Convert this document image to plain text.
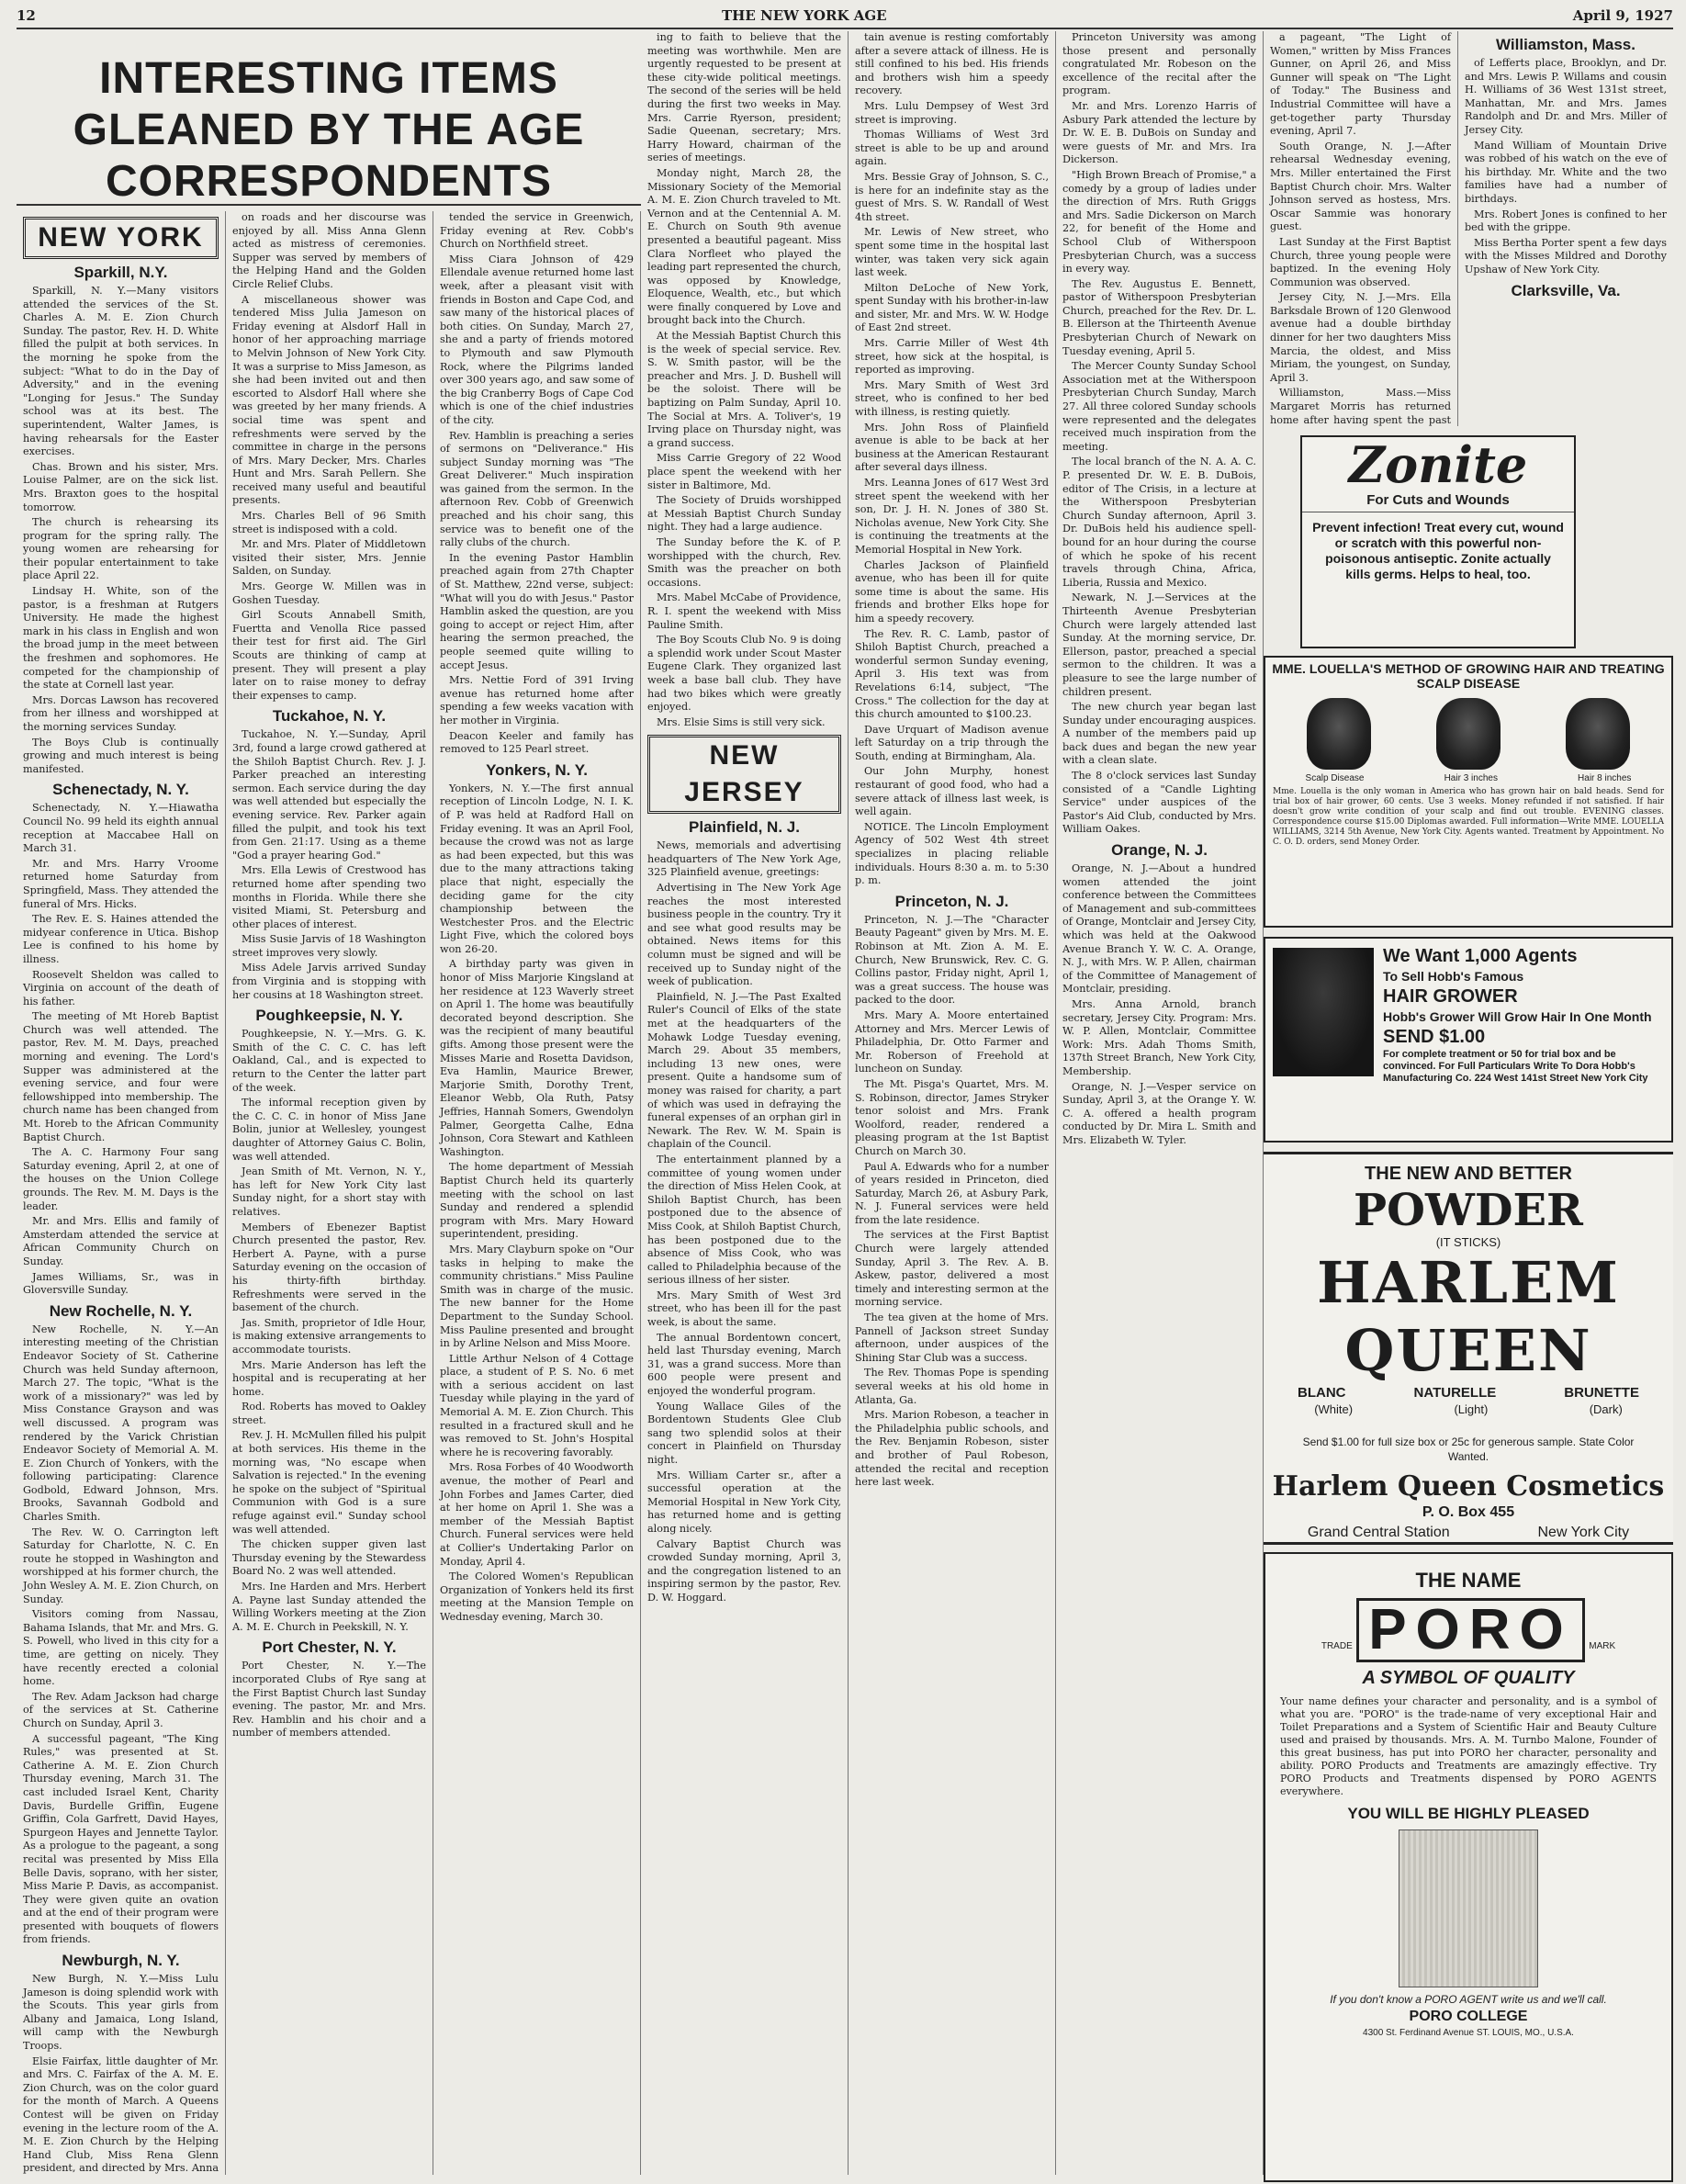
12	THE NEW YORK AGE	April 9, 1927
INTERESTING ITEMS GLEANED BY THE AGE CORRESPONDENTS
NEW YORK
Sparkill, N.Y.

Sparkill, N. Y.—Many visitors attended the services of the St. Charles A. M. E. Zion Church Sunday. The pastor, Rev. H. D. White filled the pulpit at both services. In the morning he spoke from the subject: "What to do in the Day of Adversity," and in the evening "Longing for Jesus." The Sunday school was at its best. The superintendent, Walter James, is having rehearsals for the Easter exercises.

Chas. Brown and his sister, Mrs. Louise Palmer, are on the sick list. Mrs. Braxton goes to the hospital tomorrow.

The church is rehearsing its program for the spring rally. The young women are rehearsing for their popular entertainment to take place April 22.

Lindsay H. White, son of the pastor, is a freshman at Rutgers University. He made the highest mark in his class in English and won the broad jump in the meet between the freshmen and sophomores. He competed for the championship of the state at Cornell last year.

Mrs. Dorcas Lawson has recovered from her illness and worshipped at the morning services Sunday.

The Boys Club is continually growing and much interest is being manifested.

Schenectady, N. Y.

Schenectady, N. Y.—Hiawatha Council No. 99 held its eighth annual reception at Maccabee Hall on March 31.

Mr. and Mrs. Harry Vroome returned home Saturday from Springfield, Mass. They attended the funeral of Mrs. Hicks.

The Rev. E. S. Haines attended the midyear conference in Utica. Bishop Lee is confined to his home by illness.

Roosevelt Sheldon was called to Virginia on account of the death of his father.

The meeting of Mt Horeb Baptist Church was well attended. The pastor, Rev. M. M. Days, preached morning and evening. The Lord's Supper was administered at the evening service, and four were fellowshipped into membership. The church name has been changed from Mt. Horeb to the African Community Baptist Church.

The A. C. Harmony Four sang Saturday evening, April 2, at one of the houses on the Union College grounds. The Rev. M. M. Days is the leader.

Mr. and Mrs. Ellis and family of Amsterdam attended the service at African Community Church on Sunday.

James Williams, Sr., was in Gloversville Sunday.

New Rochelle, N. Y.

New Rochelle, N. Y.—An interesting meeting of the Christian Endeavor Society of St. Catherine Church was held Sunday afternoon, March 27. The topic, "What is the work of a missionary?" was led by Miss Constance Grayson and was well discussed. A program was rendered by the Varick Christian Endeavor Society of Memorial A. M. E. Zion Church of Yonkers, with the following participating: Clarence Godbold, Edward Johnson, Mrs. Brooks, Savannah Godbold and Charles Smith.

The Rev. W. O. Carrington left Saturday for Charlotte, N. C. En route he stopped in Washington and worshipped at his former church, the John Wesley A. M. E. Zion Church, on Sunday.

Visitors coming from Nassau, Bahama Islands, that Mr. and Mrs. G. S. Powell, who lived in this city for a time, are getting on nicely. They have recently erected a colonial home.

The Rev. Adam Jackson had charge of the services at St. Catherine Church on Sunday, April 3.

A successful pageant, "The King Rules," was presented at St. Catherine A. M. E. Zion Church Thursday evening, March 31. The cast included Israel Kent, Charity Davis, Burdelle Griffin, Eugene Griffin, Cola Garfrett, David Hayes, Spurgeon Hayes and Jennette Taylor. As a prologue to the pageant, a song recital was presented by Miss Ella Belle Davis, soprano, with her sister, Miss Marie P. Davis, as accompanist. They were given quite an ovation and at the end of their program were presented with bouquets of flowers from friends.

Newburgh, N. Y.

New Burgh, N. Y.—Miss Lulu Jameson is doing splendid work with the Scouts. This year girls from Albany and Jamaica, Long Island, will camp with the Newburgh Troops.

Elsie Fairfax, little daughter of Mr. and Mrs. C. Fairfax of the A. M. E. Zion Church, was on the color guard for the month of March. A Queens Contest will be given on Friday evening in the lecture room of the A. M. E. Zion Church by the Helping Hand Club, Miss Rena Glenn president, and directed by Mrs. Anna

on roads and her discourse was enjoyed by all. Miss Anna Glenn acted as mistress of ceremonies. Supper was served by members of the Helping Hand and the Golden Circle Relief Clubs.

A miscellaneous shower was tendered Miss Julia Jameson on Friday evening at Alsdorf Hall in honor of her approaching marriage to Melvin Johnson of New York City. It was a surprise to Miss Jameson, as she had been invited out and then escorted to Alsdorf Hall where she was greeted by her many friends. A social time was spent and refreshments were served by the committee in charge in the persons of Mrs. Mary Decker, Mrs. Charles Hunt and Mrs. Sarah Pellern. She received many useful and beautiful presents.

Mrs. Charles Bell of 96 Smith street is indisposed with a cold.

Mr. and Mrs. Plater of Middletown visited their sister, Mrs. Jennie Salden, on Sunday.

Mrs. George W. Millen was in Goshen Tuesday.

Girl Scouts Annabell Smith, Fuertta and Venolla Rice passed their test for first aid. The Girl Scouts are thinking of camp at present. They will present a play later on to raise money to defray their expenses to camp.

Tuckahoe, N. Y.

Tuckahoe, N. Y.—Sunday, April 3rd, found a large crowd gathered at the Shiloh Baptist Church. Rev. J. J. Parker preached an interesting sermon. Each service during the day was well attended but especially the evening service. Rev. Parker again filled the pulpit, and took his text from Gen. 21:17. Using as a theme "God a prayer hearing God."

Mrs. Ella Lewis of Crestwood has returned home after spending two months in Florida. While there she visited Miami, St. Petersburg and other places of interest.

Miss Susie Jarvis of 18 Washington street improves very slowly.

Miss Adele Jarvis arrived Sunday from Virginia and is stopping with her cousins at 18 Washington street.

Poughkeepsie, N. Y.

Poughkeepsie, N. Y.—Mrs. G. K. Smith of the C. C. C. has left Oakland, Cal., and is expected to return to the Center the latter part of the week.

The informal reception given by the C. C. C. in honor of Miss Jane Bolin, junior at Wellesley, youngest daughter of Attorney Gaius C. Bolin, was well attended.

Jean Smith of Mt. Vernon, N. Y., has left for New York City last Sunday night, for a short stay with relatives.

Members of Ebenezer Baptist Church presented the pastor, Rev. Herbert A. Payne, with a purse Saturday evening on the occasion of his thirty-fifth birthday. Refreshments were served in the basement of the church.

Jas. Smith, proprietor of Idle Hour, is making extensive arrangements to accommodate tourists.

Mrs. Marie Anderson has left the hospital and is recuperating at her home.

Rod. Roberts has moved to Oakley street.

Rev. J. H. McMullen filled his pulpit at both services. His theme in the morning was, "No escape when Salvation is rejected." In the evening he spoke on the subject of "Spiritual Communion with God is a sure refuge against evil." Sunday school was well attended.

The chicken supper given last Thursday evening by the Stewardess Board No. 2 was well attended.

Mrs. Ine Harden and Mrs. Herbert A. Payne last Sunday attended the Willing Workers meeting at the Zion A. M. E. Church in Peekskill, N. Y.

Port Chester, N. Y.

Port Chester, N. Y.—The incorporated Clubs of Rye sang at the First Baptist Church last Sunday evening. The pastor, Mr. and Mrs. Rev. Hamblin and his choir and a number of members attended.

tended the service in Greenwich, Friday evening at Rev. Cobb's Church on Northfield street.

Miss Ciara Johnson of 429 Ellendale avenue returned home last week, after a pleasant visit with friends in Boston and Cape Cod, and saw many of the historical places of both cities. On Sunday, March 27, she and a party of friends motored to Plymouth and saw Plymouth Rock, where the Pilgrims landed over 300 years ago, and saw some of the big Cranberry Bogs of Cape Cod which is one of the chief industries of the city.

Rev. Hamblin is preaching a series of sermons on "Deliverance." His subject Sunday morning was "The Great Deliverer." Much inspiration was gained from the sermon. In the afternoon Rev. Cobb of Greenwich preached and his choir sang, this service was to benefit one of the rally clubs of the church.

In the evening Pastor Hamblin preached again from 27th Chapter of St. Matthew, 22nd verse, subject: "What will you do with Jesus." Pastor Hamblin asked the question, are you going to accept or reject Him, after hearing the sermon preached, the people seemed quite willing to accept Jesus.

Mrs. Nettie Ford of 391 Irving avenue has returned home after spending a few weeks vacation with her mother in Virginia.

Deacon Keeler and family has removed to 125 Pearl street.

Yonkers, N. Y.

Yonkers, N. Y.—The first annual reception of Lincoln Lodge, N. I. K. of P. was held at Radford Hall on Friday evening. It was an April Fool, because the crowd was not as large as had been expected, but this was due to the many attractions taking place that night, especially the deciding game for the city championship between the Westchester Pros. and the Electric Light Five, which the colored boys won 26-20.

A birthday party was given in honor of Miss Marjorie Kingsland at her residence at 123 Waverly street on April 1. The home was beautifully decorated beyond description. She was the recipient of many beautiful gifts. Among those present were the Misses Marie and Rosetta Davidson, Eva Hamlin, Maurice Brewer, Marjorie Smith, Dorothy Trent, Eleanor Webb, Ola Ruth, Patsy Jeffries, Hannah Somers, Gwendolyn Palmer, Georgetta Calhe, Edna Johnson, Cora Stewart and Kathleen Washington.

The home department of Messiah Baptist Church held its quarterly meeting with the school on last Sunday and rendered a splendid program with Mrs. Mary Howard superintendent, presiding.

Mrs. Mary Clayburn spoke on "Our tasks in helping to make the community christians." Miss Pauline Smith was in charge of the music. The new banner for the Home Department to the Sunday School. Miss Pauline presented and brought in by Arline Nelson and Miss Moore.

Little Arthur Nelson of 4 Cottage place, a student of P. S. No. 6 met with a serious accident on last Tuesday while playing in the yard of Memorial A. M. E. Zion Church. This resulted in a fractured skull and he was removed to St. John's Hospital where he is recovering favorably.

Mrs. Rosa Forbes of 40 Woodworth avenue, the mother of Pearl and John Forbes and James Carter, died at her home on April 1. She was a member of the Messiah Baptist Church. Funeral services were held at Collier's Undertaking Parlor on Monday, April 4.

The Colored Women's Republican Organization of Yonkers held its first meeting at the Mansion Temple on Wednesday evening, March 30.

ing to faith to believe that the meeting was worthwhile. Men are urgently requested to be present at these city-wide political meetings. The second of the series will be held during the first two weeks in May. Mrs. Carrie Ryerson, president; Sadie Queenan, secretary; Mrs. Harry Howard, chairman of the series of meetings.

Monday night, March 28, the Missionary Society of the Memorial A. M. E. Zion Church traveled to Mt. Vernon and at the Centennial A. M. E. Church on South 9th avenue presented a beautiful pageant. Miss Clara Norfleet who played the leading part represented the church, was opposed by Knowledge, Eloquence, Wealth, etc., but which were finally conquered by Love and brought back into the Church.

At the Messiah Baptist Church this is the week of special service. Rev. S. W. Smith pastor, will be the preacher and Mrs. J. D. Bushell will be the soloist. There will be baptizing on Palm Sunday, April 10. The Social at Mrs. A. Toliver's, 19 Irving place on Thursday night, was a grand success.

Miss Carrie Gregory of 22 Wood place spent the weekend with her sister in Baltimore, Md.

The Society of Druids worshipped at Messiah Baptist Church Sunday night. They had a large audience.

The Sunday before the K. of P. worshipped with the church, Rev. Smith was the preacher on both occasions.

Mrs. Mabel McCabe of Providence, R. I. spent the weekend with Miss Pauline Smith.

The Boy Scouts Club No. 9 is doing a splendid work under Scout Master Eugene Clark. They organized last week a base ball club. They have had two bikes which were greatly enjoyed.

Mrs. Elsie Sims is still very sick.

NEW JERSEY
Plainfield, N. J.

News, memorials and advertising headquarters of The New York Age, 325 Plainfield avenue, greetings:

Advertising in The New York Age reaches the most interested business people in the country. Try it and see what good results may be obtained. News items for this column must be signed and will be received up to Sunday night of the week of publication.

Plainfield, N. J.—The Past Exalted Ruler's Council of Elks of the state met at the headquarters of the Mohawk Lodge Tuesday evening, March 29. About 35 members, including 13 new ones, were present. Quite a handsome sum of money was raised for charity, a part of which was used in defraying the funeral expenses of an orphan girl in Newark. The Rev. W. M. Spain is chaplain of the Council.

The entertainment planned by a committee of young women under the direction of Miss Helen Cook, at Shiloh Baptist Church, has been postponed due to the absence of Miss Cook, at Shiloh Baptist Church, has been postponed due to the absence of Miss Cook, who was called to Philadelphia because of the serious illness of her sister.

Mrs. Mary Smith of West 3rd street, who has been ill for the past week, is about the same.

The annual Bordentown concert, held last Thursday evening, March 31, was a grand success. More than 600 people were present and enjoyed the wonderful program.

Young Wallace Giles of the Bordentown Students Glee Club sang two splendid solos at their concert in Plainfield on Thursday night.

Mrs. William Carter sr., after a successful operation at the Memorial Hospital in New York City, has returned home and is getting along nicely.

Calvary Baptist Church was crowded Sunday morning, April 3, and the congregation listened to an inspiring sermon by the pastor, Rev. D. W. Hoggard.

tain avenue is resting comfortably after a severe attack of illness. He is still confined to his bed. His friends and brothers wish him a speedy recovery.

Mrs. Lulu Dempsey of West 3rd street is improving.

Thomas Williams of West 3rd street is able to be up and around again.

Mrs. Bessie Gray of Johnson, S. C., is here for an indefinite stay as the guest of Mrs. S. W. Randall of West 4th street.

Mr. Lewis of New street, who spent some time in the hospital last winter, was taken very sick again last week.

Milton DeLoche of New York, spent Sunday with his brother-in-law and sister, Mr. and Mrs. W. W. Hodge of East 2nd street.

Mrs. Carrie Miller of West 4th street, how sick at the hospital, is reported as improving.

Mrs. Mary Smith of West 3rd street, who is confined to her bed with illness, is resting quietly.

Mrs. John Ross of Plainfield avenue is able to be back at her business at the American Restaurant after several days illness.

Mrs. Leanna Jones of 617 West 3rd street spent the weekend with her son, Dr. J. H. N. Jones of 380 St. Nicholas avenue, New York City. She is continuing the treatments at the Memorial Hospital in New York.

Charles Jackson of Plainfield avenue, who has been ill for quite some time is about the same. His friends and brother Elks hope for him a speedy recovery.

The Rev. R. C. Lamb, pastor of Shiloh Baptist Church, preached a wonderful sermon Sunday evening, April 3. His text was from Revelations 6:14, subject, "The Cross." The collection for the day at this church amounted to $100.23.

Dave Urquart of Madison avenue left Saturday on a trip through the South, ending at Birmingham, Ala.

Our John Murphy, honest restaurant of good food, who had a severe attack of illness last week, is well again.

NOTICE. The Lincoln Employment Agency of 502 West 4th street specializes in placing reliable individuals. Hours 8:30 a. m. to 5:30 p. m.

Princeton, N. J.

Princeton, N. J.—The "Character Beauty Pageant" given by Mrs. M. E. Robinson at Mt. Zion A. M. E. Church, New Brunswick, Rev. C. G. Collins pastor, Friday night, April 1, was a great success. The house was packed to the door.

Mrs. Mary A. Moore entertained Attorney and Mrs. Mercer Lewis of Philadelphia, Dr. Otto Farmer and Mr. Roberson of Freehold at luncheon on Sunday.

The Mt. Pisga's Quartet, Mrs. M. S. Robinson, director, James Stryker tenor soloist and Mrs. Frank Woolford, reader, rendered a pleasing program at the 1st Baptist Church on March 30.

Paul A. Edwards who for a number of years resided in Princeton, died Saturday, March 26, at Asbury Park, N. J. Funeral services were held from the late residence.

The services at the First Baptist Church were largely attended Sunday, April 3. The Rev. A. B. Askew, pastor, delivered a most timely and interesting sermon at the morning service.

The tea given at the home of Mrs. Pannell of Jackson street Sunday afternoon, under auspices of the Shining Star Club was a success.

The Rev. Thomas Pope is spending several weeks at his old home in Atlanta, Ga.

Mrs. Marion Robeson, a teacher in the Philadelphia public schools, and the Rev. Benjamin Robeson, sister and brother of Paul Robeson, attended the recital and reception here last week.

Princeton University was among those present and personally congratulated Mr. Robeson on the excellence of the recital after the program.

Mr. and Mrs. Lorenzo Harris of Asbury Park attended the lecture by Dr. W. E. B. DuBois on Sunday and were guests of Mr. and Mrs. Ira Dickerson.

"High Brown Breach of Promise," a comedy by a group of ladies under the direction of Mrs. Ruth Griggs and Mrs. Sadie Dickerson on March 22, for benefit of the Home and School Club of Witherspoon Presbyterian Church, was a success in every way.

The Rev. Augustus E. Bennett, pastor of Witherspoon Presbyterian Church, preached for the Rev. Dr. L. B. Ellerson at the Thirteenth Avenue Presbyterian Church of Newark on Tuesday evening, April 5.

The Mercer County Sunday School Association met at the Witherspoon Presbyterian Church Sunday, March 27. All three colored Sunday schools were represented and the delegates received much inspiration from the meeting.

The local branch of the N. A. A. C. P. presented Dr. W. E. B. DuBois, editor of The Crisis, in a lecture at the Witherspoon Presbyterian Church Sunday afternoon, April 3. Dr. DuBois held his audience spell-bound for an hour during the course of which he spoke of his recent travels through China, Africa, Liberia, Russia and Mexico.

Newark, N. J.—Services at the Thirteenth Avenue Presbyterian Church were largely attended last Sunday. At the morning service, Dr. Ellerson, pastor, preached a special sermon to the children. It was a pleasure to see the large number of children present.

The new church year began last Sunday under encouraging auspices. A number of the members paid up back dues and began the new year with a clean slate.

The 8 o'clock services last Sunday consisted of a "Candle Lighting Service" under auspices of the Pastor's Aid Club, conducted by Mrs. William Oakes.

Orange, N. J.

Orange, N. J.—About a hundred women attended the joint conference between the Committees of Management and sub-committees of Orange, Montclair and Jersey City, which was held at the Oakwood Avenue Branch Y. W. C. A. Orange, N. J., with Mrs. W. P. Allen, chairman of the Committee of Management of Montclair, presiding.

Mrs. Anna Arnold, branch secretary, Jersey City. Program: Mrs. W. P. Allen, Montclair, Committee Work: Mrs. Adah Thoms Smith, 137th Street Branch, New York City, Membership.

Orange, N. J.—Vesper service on Sunday, April 3, at the Orange Y. W. C. A. offered a health program conducted by Dr. Mira L. Smith and Mrs. Elizabeth W. Tyler.

a pageant, "The Light of Women," written by Miss Frances Gunner, on April 26, and Miss Gunner will speak on "The Light of Today." The Business and Industrial Committee will have a get-together party Thursday evening, April 7.

South Orange, N. J.—After rehearsal Wednesday evening, Mrs. Miller entertained the First Baptist Church choir. Mrs. Walter Johnson served as hostess, Mrs. Oscar Sammie was honorary guest.

Last Sunday at the First Baptist Church, three young people were baptized. In the evening Holy Communion was observed.

Jersey City, N. J.—Mrs. Ella Barksdale Brown of 120 Glenwood avenue had a double birthday dinner for her two daughters Miss Marcia, the oldest, and Miss Miriam, the youngest, on Sunday, April 3.

Williamston, Mass.—Miss Margaret Morris has returned home after having spent the past

Williamston, Mass.

of Lefferts place, Brooklyn, and Dr. and Mrs. Lewis P. Willams and cousin H. Williams of 36 West 131st street, Manhattan, Mr. and Mrs. James Randolph and Dr. and Mrs. Miller of Jersey City.

Mand William of Mountain Drive was robbed of his watch on the eve of his birthday. Mr. White and the two families have had a number of birthdays.

Mrs. Robert Jones is confined to her bed with the grippe.

Miss Bertha Porter spent a few days with the Misses Mildred and Dorothy Upshaw of New York City.

Clarksville, Va.
Zonite
For Cuts and Wounds
Prevent infection! Treat every cut, wound or scratch with this powerful non-poisonous antiseptic. Zonite actually kills germs. Helps to heal, too.
MME. LOUELLA'S METHOD OF GROWING HAIR AND TREATING SCALP DISEASE
Scalp Disease	Hair 3 inches	Hair 8 inches
Mme. Louella is the only woman in America who has grown hair on bald heads. Send for trial box of hair grower, 60 cents. Use 3 weeks. Money refunded if not satisfied. If hair doesn't grow write condition of your scalp and find out trouble. EVENING classes. Correspondence course $15.00 Diplomas awarded. Full information—Write MME. LOUELLA WILLIAMS, 3214 5th Avenue, New York City. Agents wanted. Treatment by Appointment. No C. O. D. orders, send Money Order.
We Want 1,000 Agents
To Sell Hobb's Famous
HAIR GROWER
Hobb's Grower Will Grow Hair In One Month
SEND $1.00
For complete treatment or 50 for trial box and be convinced. For Full Particulars Write To Dora Hobb's Manufacturing Co. 224 West 141st Street New York City
THE NEW AND BETTER
POWDER
(IT STICKS)
HARLEM QUEEN
BLANC	NATURELLE	BRUNETTE
(White)	(Light)	(Dark)
Send $1.00 for full size box or 25c for generous sample. State Color Wanted.
Harlem Queen Cosmetics
P. O. Box 455
Grand Central Station	New York City
THE NAME
TRADE PORO MARK
A SYMBOL OF QUALITY
Your name defines your character and personality, and is a symbol of what you are. "PORO" is the trade-name of very exceptional Hair and Toilet Preparations and a System of Scientific Hair and Beauty Culture used and praised by thousands. Mrs. A. M. Turnbo Malone, Founder of this great business, has put into PORO her character, personality and ability. PORO Products and Treatments are amazingly effective. Try PORO Products and Treatments dispensed by PORO AGENTS everywhere.
YOU WILL BE HIGHLY PLEASED
If you don't know a PORO AGENT write us and we'll call.
PORO COLLEGE
4300 St. Ferdinand Avenue ST. LOUIS, MO., U.S.A.
